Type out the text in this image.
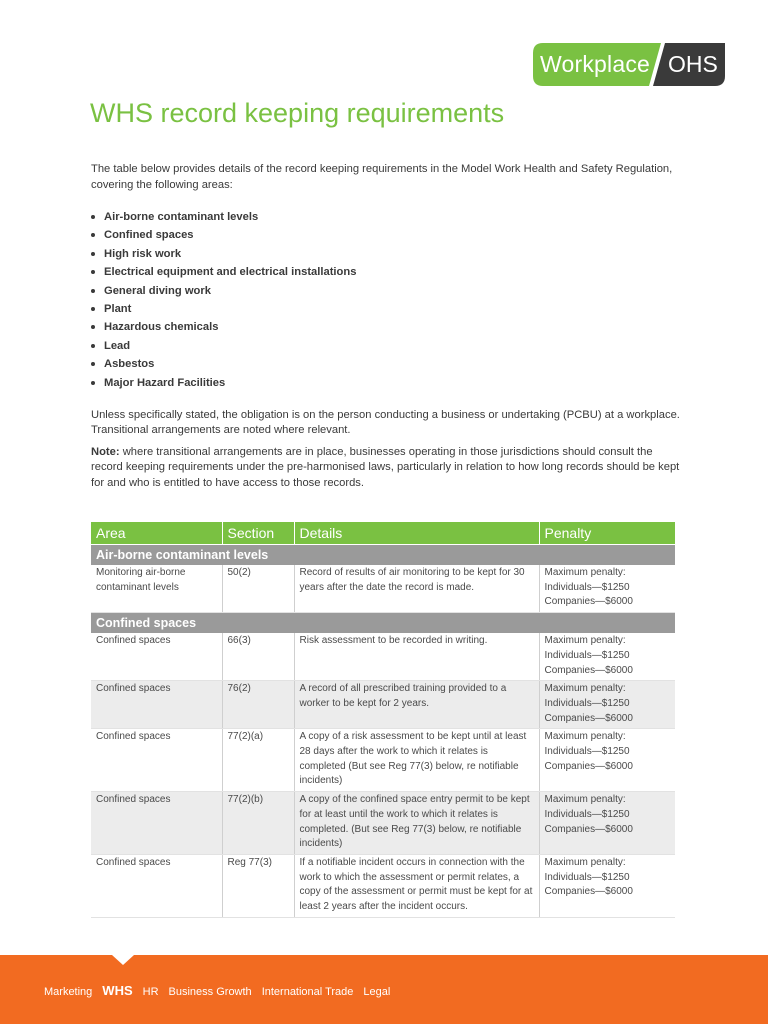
Workplace OHS
WHS record keeping requirements

The table below provides details of the record keeping requirements in the Model Work Health and Safety Regulation, covering the following areas:

Air-borne contaminant levels
Confined spaces
High risk work
Electrical equipment and electrical installations
General diving work
Plant
Hazardous chemicals
Lead
Asbestos
Major Hazard Facilities

Unless specifically stated, the obligation is on the person conducting a business or undertaking (PCBU) at a workplace. Transitional arrangements are noted where relevant.

Note: where transitional arrangements are in place, businesses operating in those jurisdictions should consult the record keeping requirements under the pre-harmonised laws, particularly in relation to how long records should be kept for and who is entitled to have access to those records.

Area	Section	Details	Penalty
Air-borne contaminant levels			
Monitoring air-borne contaminant levels	50(2)	Record of results of air monitoring to be kept for 30 years after the date the record is made.	Maximum penalty:
Individuals—$1250
Companies—$6000

Confined spaces			
Confined spaces	66(3)	Risk assessment to be recorded in writing.	Maximum penalty:
Individuals—$1250
Companies—$6000

Confined spaces	76(2)	A record of all prescribed training provided to a worker to be kept for 2 years.	Maximum penalty:
Individuals—$1250
Companies—$6000

Confined spaces	77(2)(a)	A copy of a risk assessment to be kept until at least 28 days after the work to which it relates is completed (But see Reg 77(3) below, re notifiable incidents)	Maximum penalty:
Individuals—$1250
Companies—$6000

Confined spaces	77(2)(b)	A copy of the confined space entry permit to be kept for at least until the work to which it relates is completed. (But see Reg 77(3) below, re notifiable incidents)	Maximum penalty:
Individuals—$1250
Companies—$6000

Confined spaces	Reg 77(3)	If a notifiable incident occurs in connection with the work to which the assessment or permit relates, a copy of the assessment or permit must be kept for at least 2 years after the incident occurs.	Maximum penalty:
Individuals—$1250
Companies—$6000
Marketing WHS HR Business Growth International Trade Legal
